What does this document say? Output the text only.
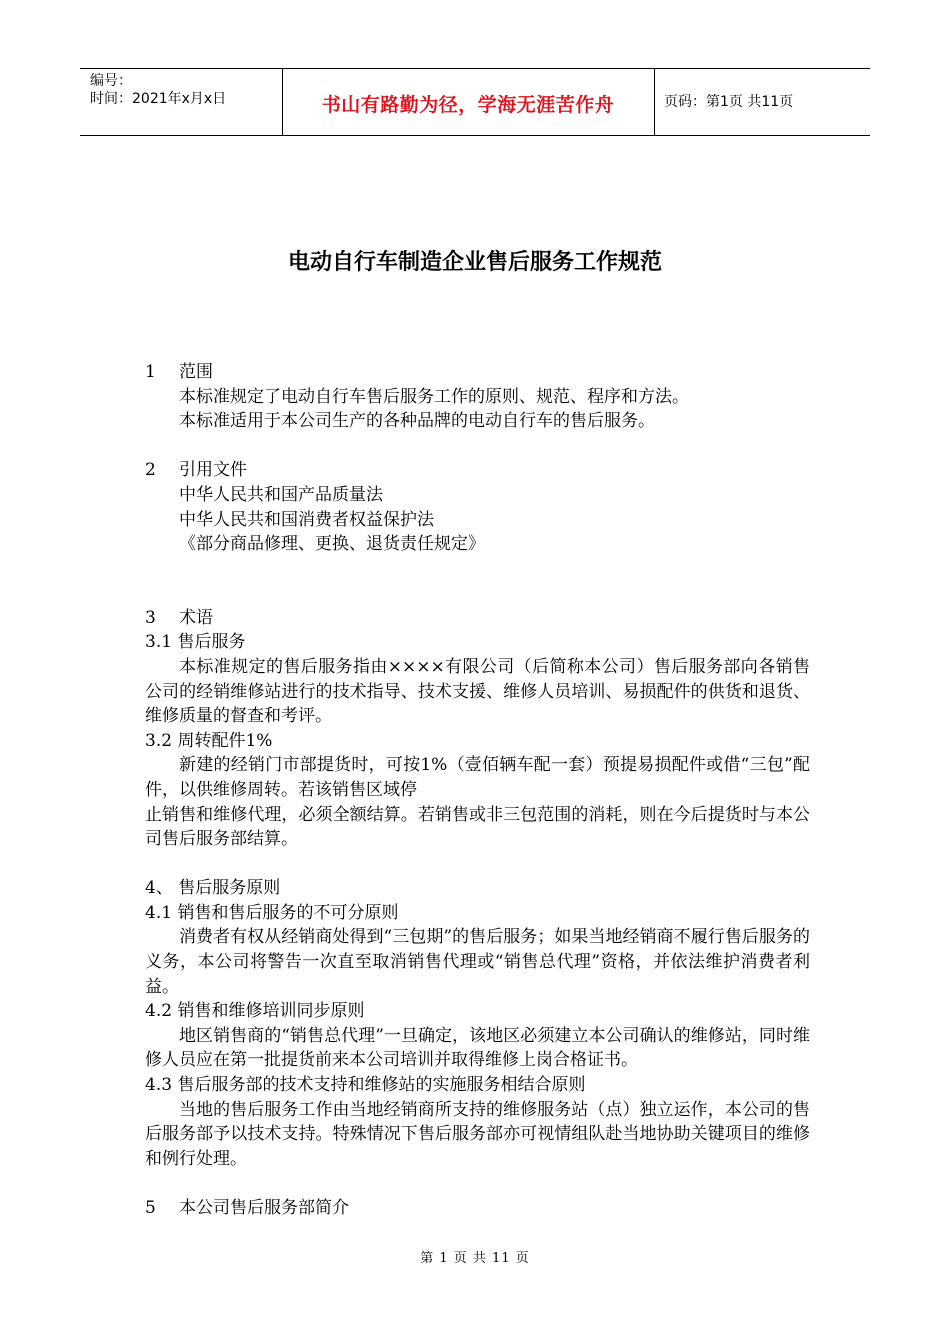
编号：
时间：2021年x月x日	书山有路勤为径，学海无涯苦作舟	页码：第1页 共11页
电动自行车制造企业售后服务工作规范

1 范围

本标准规定了电动自行车售后服务工作的原则、规范、程序和方法。

本标准适用于本公司生产的各种品牌的电动自行车的售后服务。

2 引用文件

中华人民共和国产品质量法

中华人民共和国消费者权益保护法

《部分商品修理、更换、退货责任规定》

3 术语

3.1 售后服务

本标准规定的售后服务指由××××有限公司（后简称本公司）售后服务部向各销售公司的经销维修站进行的技术指导、技术支援、维修人员培训、易损配件的供货和退货、维修质量的督查和考评。

3.2 周转配件1%

新建的经销门市部提货时，可按1%（壹佰辆车配一套）预提易损配件或借“三包”配件，以供维修周转。若该销售区域停

止销售和维修代理，必须全额结算。若销售或非三包范围的消耗，则在今后提货时与本公司售后服务部结算。

4、 售后服务原则

4.1 销售和售后服务的不可分原则

消费者有权从经销商处得到“三包期”的售后服务；如果当地经销商不履行售后服务的义务，本公司将警告一次直至取消销售代理或“销售总代理”资格，并依法维护消费者利益。

4.2 销售和维修培训同步原则

地区销售商的“销售总代理”一旦确定，该地区必须建立本公司确认的维修站，同时维修人员应在第一批提货前来本公司培训并取得维修上岗合格证书。

4.3 售后服务部的技术支持和维修站的实施服务相结合原则

当地的售后服务工作由当地经销商所支持的维修服务站（点）独立运作，本公司的售后服务部予以技术支持。特殊情况下售后服务部亦可视情组队赴当地协助关键项目的维修和例行处理。

5 本公司售后服务部简介

第 1 页 共 11 页
